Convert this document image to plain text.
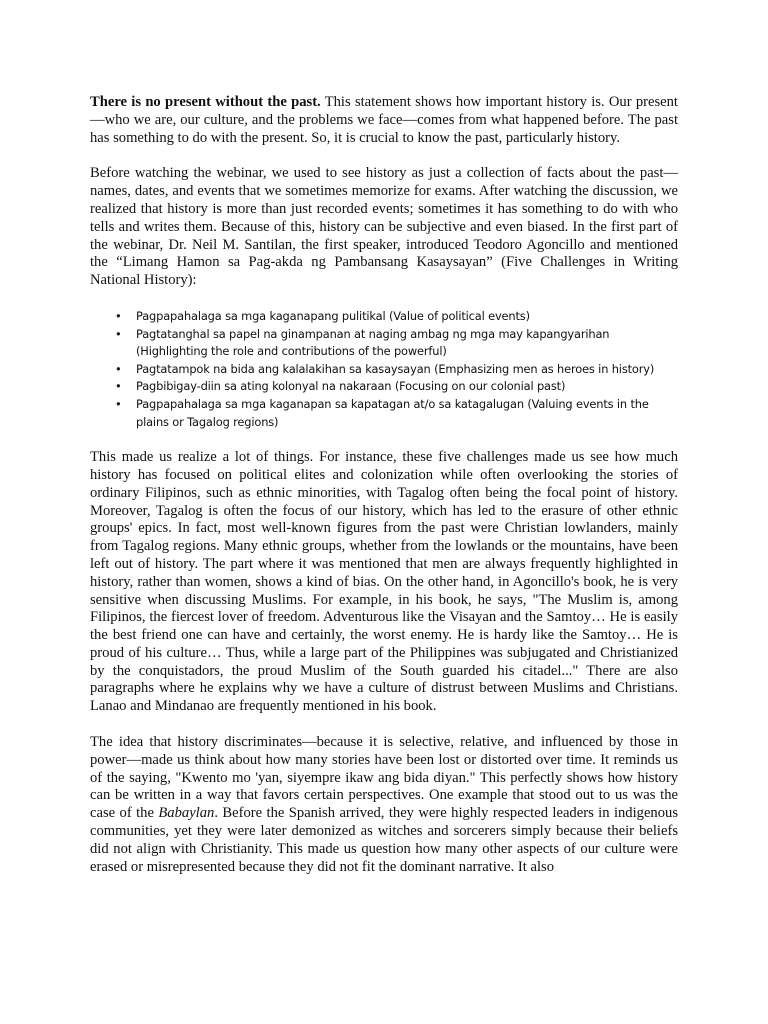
There is no present without the past. This statement shows how important history is. Our present—who we are, our culture, and the problems we face—comes from what happened before. The past has something to do with the present. So, it is crucial to know the past, particularly history.

Before watching the webinar, we used to see history as just a collection of facts about the past—names, dates, and events that we sometimes memorize for exams. After watching the discussion, we realized that history is more than just recorded events; sometimes it has something to do with who tells and writes them. Because of this, history can be subjective and even biased. In the first part of the webinar, Dr. Neil M. Santilan, the first speaker, introduced Teodoro Agoncillo and mentioned the “Limang Hamon sa Pag-akda ng Pambansang Kasaysayan” (Five Challenges in Writing National History):

• Pagpapahalaga sa mga kaganapang pulitikal (Value of political events)
• Pagtatanghal sa papel na ginampanan at naging ambag ng mga may kapangyarihan (Highlighting the role and contributions of the powerful)
• Pagtatampok na bida ang kalalakihan sa kasaysayan (Emphasizing men as heroes in history)
• Pagbibigay-diin sa ating kolonyal na nakaraan (Focusing on our colonial past)
• Pagpapahalaga sa mga kaganapan sa kapatagan at/o sa katagalugan (Valuing events in the plains or Tagalog regions)

This made us realize a lot of things. For instance, these five challenges made us see how much history has focused on political elites and colonization while often overlooking the stories of ordinary Filipinos, such as ethnic minorities, with Tagalog often being the focal point of history. Moreover, Tagalog is often the focus of our history, which has led to the erasure of other ethnic groups' epics. In fact, most well-known figures from the past were Christian lowlanders, mainly from Tagalog regions. Many ethnic groups, whether from the lowlands or the mountains, have been left out of history. The part where it was mentioned that men are always frequently highlighted in history, rather than women, shows a kind of bias. On the other hand, in Agoncillo's book, he is very sensitive when discussing Muslims. For example, in his book, he says, "The Muslim is, among Filipinos, the fiercest lover of freedom. Adventurous like the Visayan and the Samtoy… He is easily the best friend one can have and certainly, the worst enemy. He is hardy like the Samtoy… He is proud of his culture… Thus, while a large part of the Philippines was subjugated and Christianized by the conquistadors, the proud Muslim of the South guarded his citadel..." There are also paragraphs where he explains why we have a culture of distrust between Muslims and Christians. Lanao and Mindanao are frequently mentioned in his book.

The idea that history discriminates—because it is selective, relative, and influenced by those in power—made us think about how many stories have been lost or distorted over time. It reminds us of the saying, "Kwento mo 'yan, siyempre ikaw ang bida diyan." This perfectly shows how history can be written in a way that favors certain perspectives. One example that stood out to us was the case of the Babaylan. Before the Spanish arrived, they were highly respected leaders in indigenous communities, yet they were later demonized as witches and sorcerers simply because their beliefs did not align with Christianity. This made us question how many other aspects of our culture were erased or misrepresented because they did not fit the dominant narrative. It also
